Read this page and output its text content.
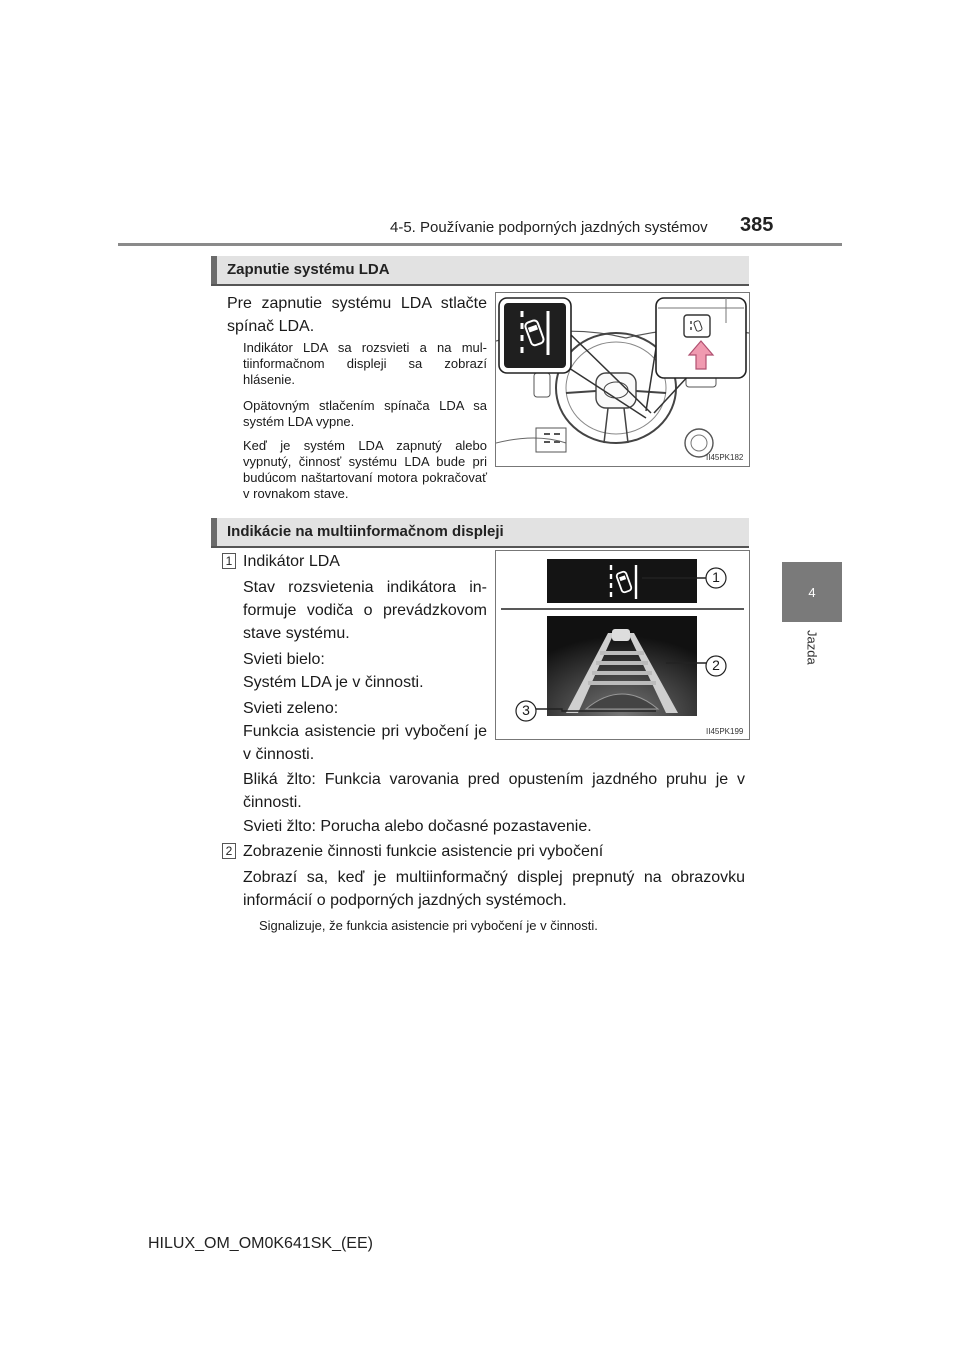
4-5. Používanie podporných jazdných systémov 385
4
Jazda
Zapnutie systému LDA
Pre zapnutie systému LDA stlačte spínač LDA.
Indikátor LDA sa rozsvieti a na multiinformačnom displeji sa zobrazí hlásenie.
Opätovným stlačením spínača LDA sa systém LDA vypne.
Keď je systém LDA zapnutý alebo vypnutý, činnosť systému LDA bude pri budúcom naštartovaní motora pokračovať v rovnakom stave.
II45PK182
Indikácie na multiinformačnom displeji
1 Indikátor LDA
Stav rozsvietenia indikátora informuje vodiča o prevádzkovom stave systému.
Svieti bielo:
Systém LDA je v činnosti.
Svieti zeleno:
Funkcia asistencie pri vybočení je v činnosti.
Bliká žlto: Funkcia varovania pred opustením jazdného pruhu je v činnosti.
Svieti žlto: Porucha alebo dočasné pozastavenie.
2 Zobrazenie činnosti funkcie asistencie pri vybočení
Zobrazí sa, keď je multiinformačný displej prepnutý na obrazovku informácií o podporných jazdných systémoch.
Signalizuje, že funkcia asistencie pri vybočení je v činnosti.
1
2
3
II45PK199
HILUX_OM_OM0K641SK_(EE)
